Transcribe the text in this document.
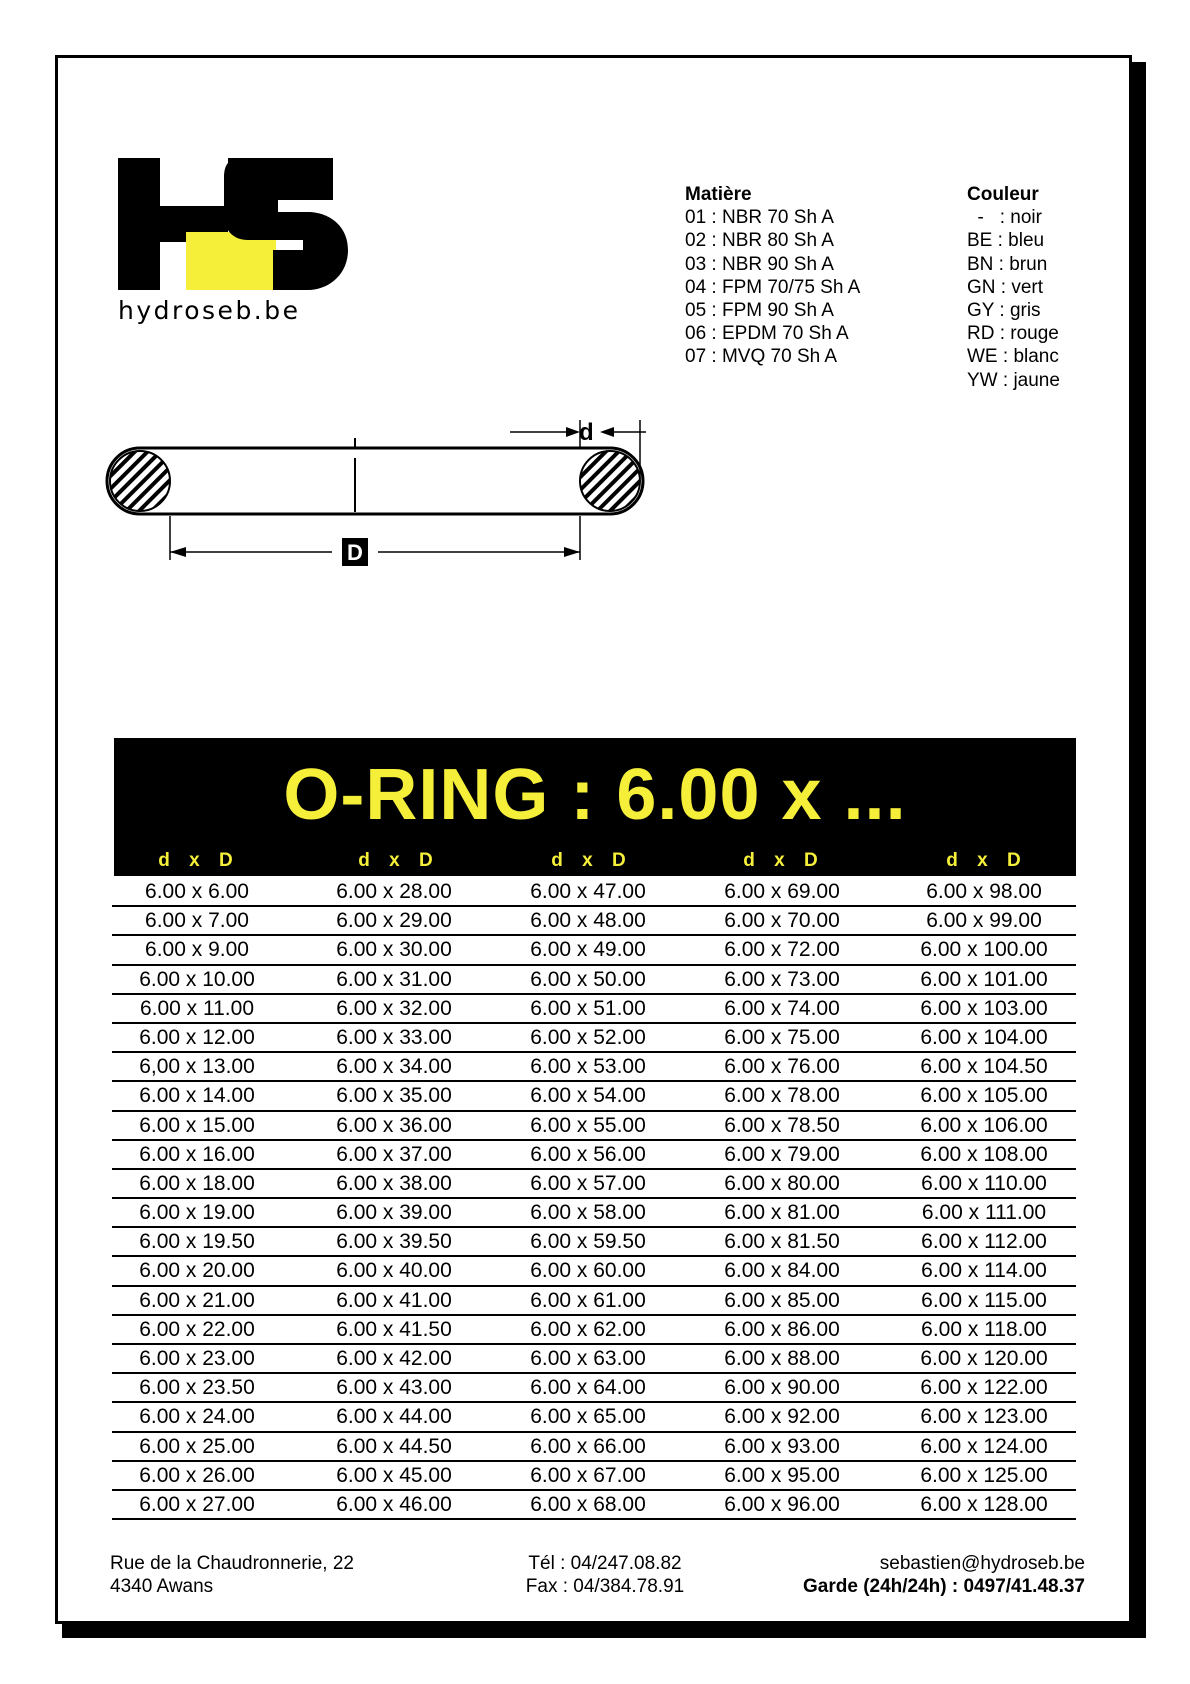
hydroseb.be
Matière
01 : NBR 70 Sh A
02 : NBR 80 Sh A
03 : NBR 90 Sh A
04 : FPM 70/75 Sh A
05 : FPM 90 Sh A
06 : EPDM 70 Sh A
07 : MVQ 70 Sh A
Couleur
-   : noir
BE : bleu
BN : brun
GN : vert
GY : gris
RD : rouge
WE : blanc
YW : jaune
D
d
O-RING : 6.00 x ...
d x D	d x D	d x D	d x D	d x D
6.00 x 6.00	6.00 x 28.00	6.00 x 47.00	6.00 x 69.00	6.00 x 98.00
6.00 x 7.00	6.00 x 29.00	6.00 x 48.00	6.00 x 70.00	6.00 x 99.00
6.00 x 9.00	6.00 x 30.00	6.00 x 49.00	6.00 x 72.00	6.00 x 100.00
6.00 x 10.00	6.00 x 31.00	6.00 x 50.00	6.00 x 73.00	6.00 x 101.00
6.00 x 11.00	6.00 x 32.00	6.00 x 51.00	6.00 x 74.00	6.00 x 103.00
6.00 x 12.00	6.00 x 33.00	6.00 x 52.00	6.00 x 75.00	6.00 x 104.00
6,00 x 13.00	6.00 x 34.00	6.00 x 53.00	6.00 x 76.00	6.00 x 104.50
6.00 x 14.00	6.00 x 35.00	6.00 x 54.00	6.00 x 78.00	6.00 x 105.00
6.00 x 15.00	6.00 x 36.00	6.00 x 55.00	6.00 x 78.50	6.00 x 106.00
6.00 x 16.00	6.00 x 37.00	6.00 x 56.00	6.00 x 79.00	6.00 x 108.00
6.00 x 18.00	6.00 x 38.00	6.00 x 57.00	6.00 x 80.00	6.00 x 110.00
6.00 x 19.00	6.00 x 39.00	6.00 x 58.00	6.00 x 81.00	6.00 x 111.00
6.00 x 19.50	6.00 x 39.50	6.00 x 59.50	6.00 x 81.50	6.00 x 112.00
6.00 x 20.00	6.00 x 40.00	6.00 x 60.00	6.00 x 84.00	6.00 x 114.00
6.00 x 21.00	6.00 x 41.00	6.00 x 61.00	6.00 x 85.00	6.00 x 115.00
6.00 x 22.00	6.00 x 41.50	6.00 x 62.00	6.00 x 86.00	6.00 x 118.00
6.00 x 23.00	6.00 x 42.00	6.00 x 63.00	6.00 x 88.00	6.00 x 120.00
6.00 x 23.50	6.00 x 43.00	6.00 x 64.00	6.00 x 90.00	6.00 x 122.00
6.00 x 24.00	6.00 x 44.00	6.00 x 65.00	6.00 x 92.00	6.00 x 123.00
6.00 x 25.00	6.00 x 44.50	6.00 x 66.00	6.00 x 93.00	6.00 x 124.00
6.00 x 26.00	6.00 x 45.00	6.00 x 67.00	6.00 x 95.00	6.00 x 125.00
6.00 x 27.00	6.00 x 46.00	6.00 x 68.00	6.00 x 96.00	6.00 x 128.00
Rue de la Chaudronnerie, 22
4340 Awans
Tél : 04/247.08.82
Fax : 04/384.78.91
sebastien@hydroseb.be
Garde (24h/24h) : 0497/41.48.37
